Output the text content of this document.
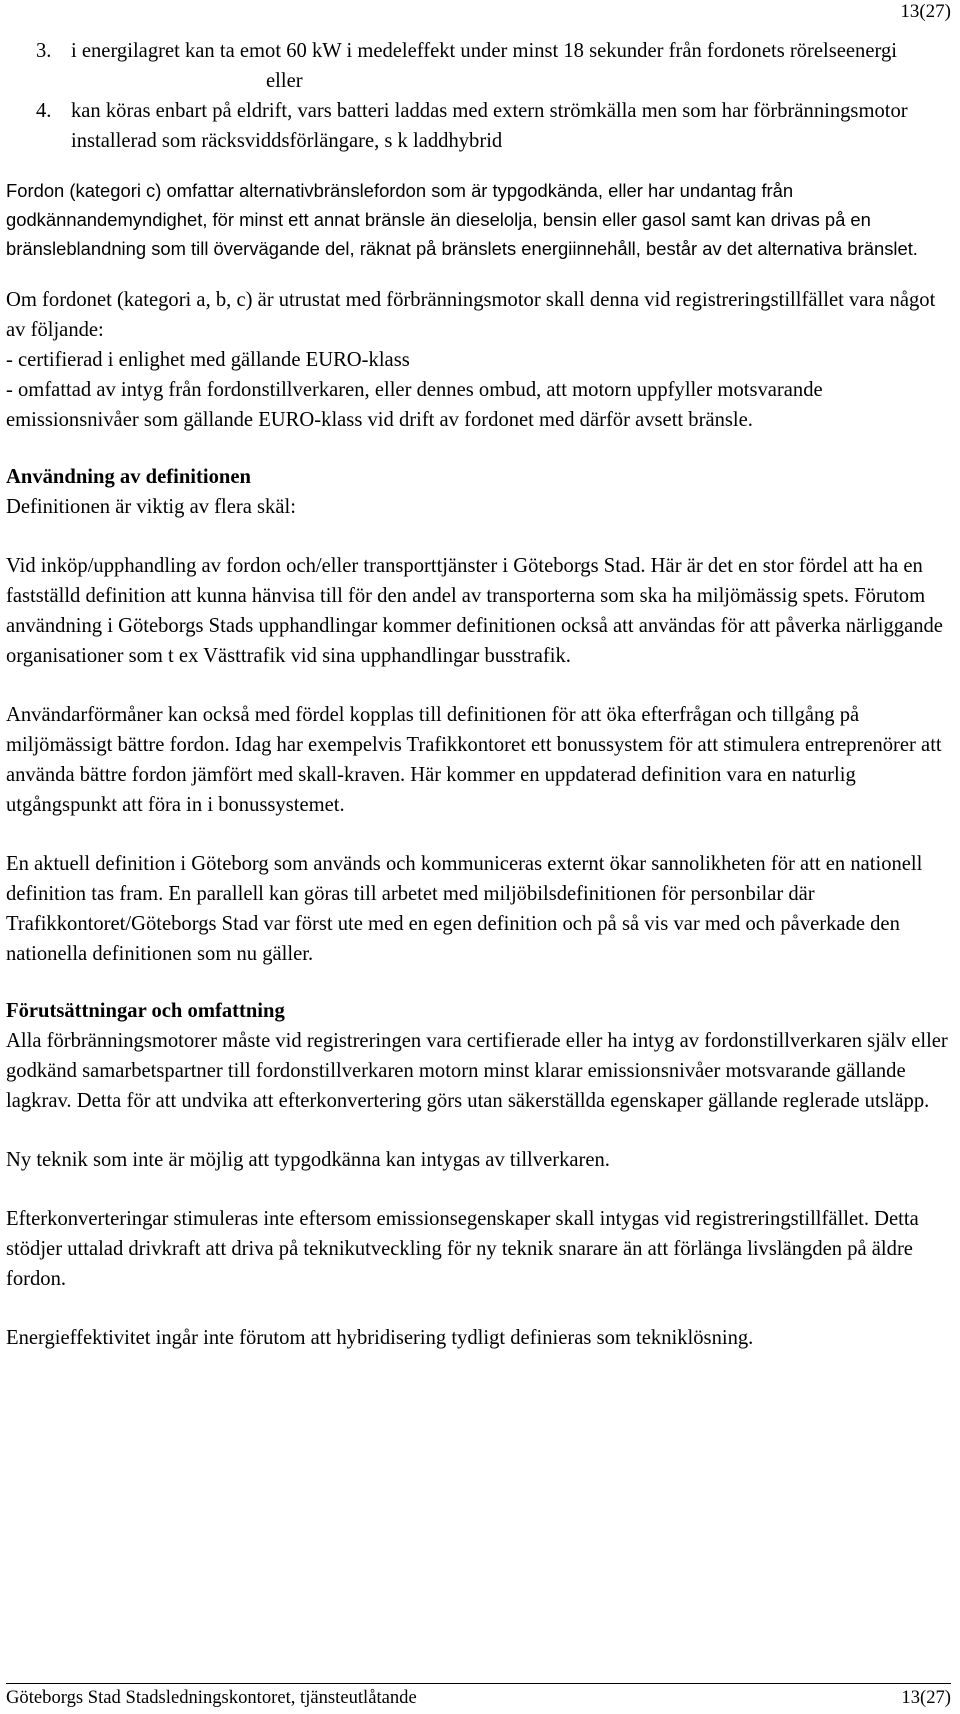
13(27)
3. i energilagret kan ta emot 60 kW i medeleffekt under minst 18 sekunder från fordonets rörelseenergi

eller

4. kan köras enbart på eldrift, vars batteri laddas med extern strömkälla men som har förbränningsmotor installerad som räcksviddsförlängare, s k laddhybrid

Fordon (kategori c) omfattar alternativbränslefordon som är typgodkända, eller har undantag från godkännandemyndighet, för minst ett annat bränsle än dieselolja, bensin eller gasol samt kan drivas på en bränsleblandning som till övervägande del, räknat på bränslets energiinnehåll, består av det alternativa bränslet.

Om fordonet (kategori a, b, c) är utrustat med förbränningsmotor skall denna vid registreringstillfället vara något av följande:

- certifierad i enlighet med gällande EURO-klass

- omfattad av intyg från fordonstillverkaren, eller dennes ombud, att motorn uppfyller motsvarande emissionsnivåer som gällande EURO-klass vid drift av fordonet med därför avsett bränsle.

Användning av definitionen

Definitionen är viktig av flera skäl:

Vid inköp/upphandling av fordon och/eller transporttjänster i Göteborgs Stad. Här är det en stor fördel att ha en fastställd definition att kunna hänvisa till för den andel av transporterna som ska ha miljömässig spets. Förutom användning i Göteborgs Stads upphandlingar kommer definitionen också att användas för att påverka närliggande organisationer som t ex Västtrafik vid sina upphandlingar busstrafik.

Användarförmåner kan också med fördel kopplas till definitionen för att öka efterfrågan och tillgång på miljömässigt bättre fordon. Idag har exempelvis Trafikkontoret ett bonussystem för att stimulera entreprenörer att använda bättre fordon jämfört med skall-kraven. Här kommer en uppdaterad definition vara en naturlig utgångspunkt att föra in i bonussystemet.

En aktuell definition i Göteborg som används och kommuniceras externt ökar sannolikheten för att en nationell definition tas fram. En parallell kan göras till arbetet med miljöbilsdefinitionen för personbilar där Trafikkontoret/Göteborgs Stad var först ute med en egen definition och på så vis var med och påverkade den nationella definitionen som nu gäller.

Förutsättningar och omfattning

Alla förbränningsmotorer måste vid registreringen vara certifierade eller ha intyg av fordonstillverkaren själv eller godkänd samarbetspartner till fordonstillverkaren motorn minst klarar emissionsnivåer motsvarande gällande lagkrav. Detta för att undvika att efterkonvertering görs utan säkerställda egenskaper gällande reglerade utsläpp.

Ny teknik som inte är möjlig att typgodkänna kan intygas av tillverkaren.

Efterkonverteringar stimuleras inte eftersom emissionsegenskaper skall intygas vid registreringstillfället. Detta stödjer uttalad drivkraft att driva på teknikutveckling för ny teknik snarare än att förlänga livslängden på äldre fordon.

Energieffektivitet ingår inte förutom att hybridisering tydligt definieras som tekniklösning.

Göteborgs Stad Stadsledningskontoret, tjänsteutlåtande	13(27)
